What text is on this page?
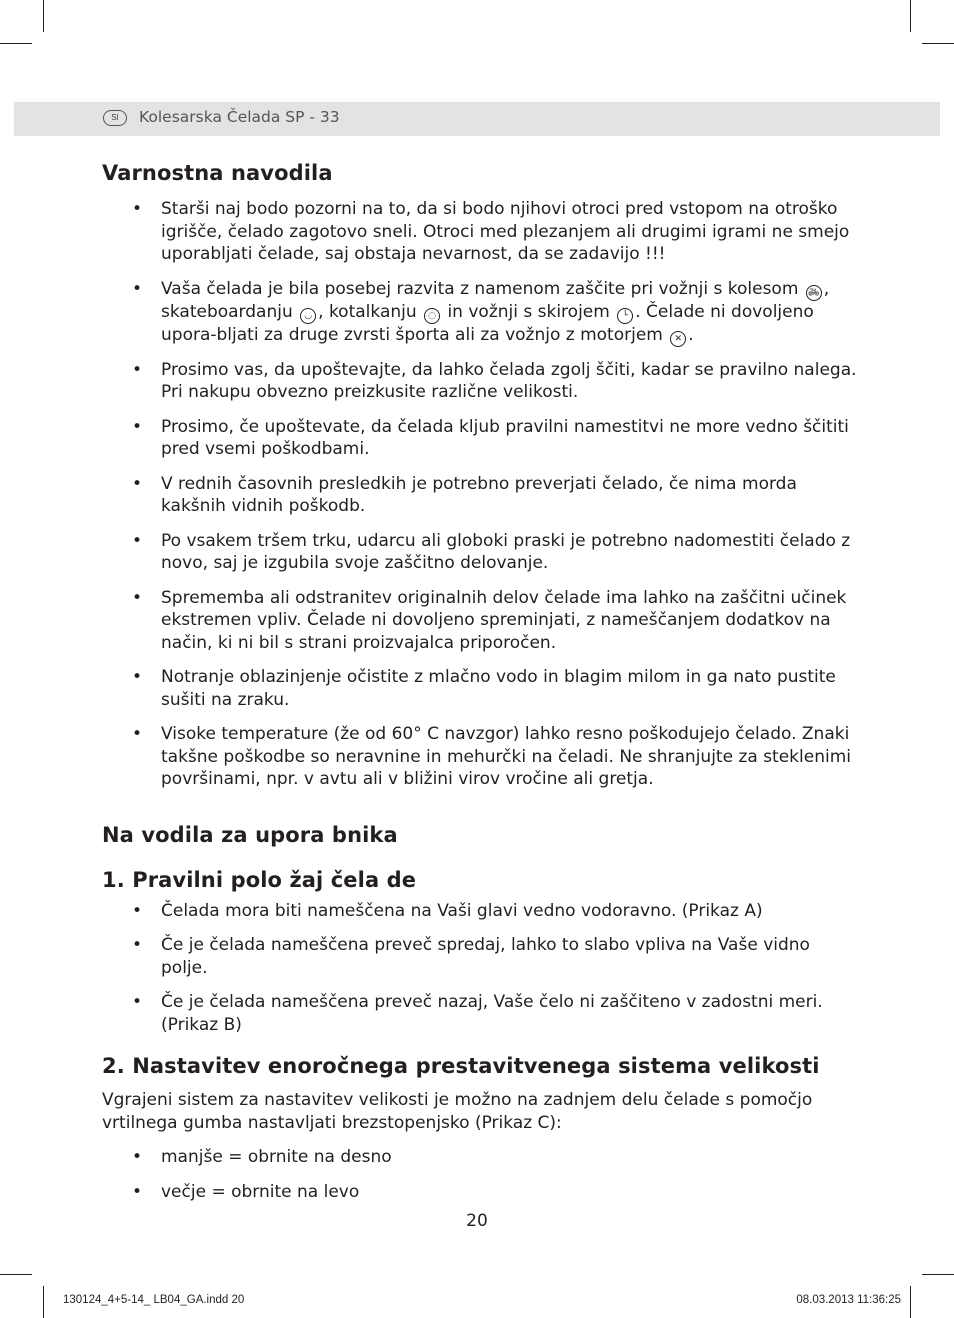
SI	Kolesarska Čelada SP - 33
Varnostna navodila
• Starši naj bodo pozorni na to, da si bodo njihovi otroci pred vstopom na otroško igrišče, čelado zagotovo sneli. Otroci med plezanjem ali drugimi igrami ne smejo uporabljati čelade, saj obstaja nevarnost, da se zadavijo !!!
• Vaša čelada je bila posebej razvita z namenom zaščite pri vožnji s kolesom 🚲︎ , skateboardanju ◡ , kotalkanju ◌ in vožnji s skirojem └ . Čelade ni dovoljeno upora-bljati za druge zvrsti športa ali za vožnjo z motorjem ✕ .
• Prosimo vas, da upoštevajte, da lahko čelada zgolj ščiti, kadar se pravilno nalega. Pri nakupu obvezno preizkusite različne velikosti.
• Prosimo, če upoštevate, da čelada kljub pravilni namestitvi ne more vedno ščititi pred vsemi poškodbami.
• V rednih časovnih presledkih je potrebno preverjati čelado, če nima morda kakšnih vidnih poškodb.
• Po vsakem tršem trku, udarcu ali globoki praski je potrebno nadomestiti čelado z novo, saj je izgubila svoje zaščitno delovanje.
• Sprememba ali odstranitev originalnih delov čelade ima lahko na zaščitni učinek ekstremen vpliv. Čelade ni dovoljeno spreminjati, z nameščanjem dodatkov na način, ki ni bil s strani proizvajalca priporočen.
• Notranje oblazinjenje očistite z mlačno vodo in blagim milom in ga nato pustite sušiti na zraku.
• Visoke temperature (že od 60° C navzgor) lahko resno poškodujejo čelado. Znaki takšne poškodbe so neravnine in mehurčki na čeladi. Ne shranjujte za steklenimi površinami, npr. v avtu ali v bližini virov vročine ali gretja.
Na vodila za upora bnika
1. Pravilni polo žaj čela de
• Čelada mora biti nameščena na Vaši glavi vedno vodoravno. (Prikaz A)
• Če je čelada nameščena preveč spredaj, lahko to slabo vpliva na Vaše vidno polje.
• Če je čelada nameščena preveč nazaj, Vaše čelo ni zaščiteno v zadostni meri. (Prikaz B)
2. Nastavitev enoročnega prestavitvenega sistema velikosti

Vgrajeni sistem za nastavitev velikosti je možno na zadnjem delu čelade s pomočjo vrtilnega gumba nastavljati brezstopenjsko (Prikaz C):

• manjše = obrnite na desno
• večje = obrnite na levo
20
130124_4+5-14_ LB04_GA.indd 20	08.03.2013 11:36:25
